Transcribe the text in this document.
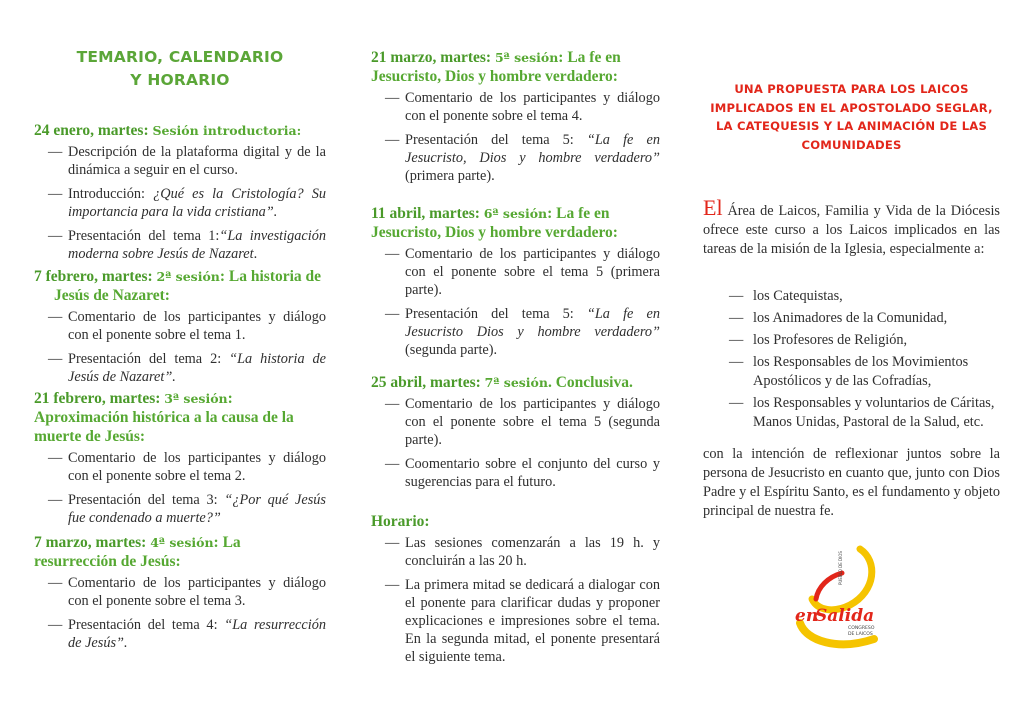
TEMARIO, CALENDARIO
Y HORARIO
24 enero, martes: Sesión introductoria:
— Descripción de la plataforma digital y de la dinámica a seguir en el curso.
— Introducción: ¿Qué es la Cristología? Su importancia para la vida cristiana”.
— Presentación del tema 1:“La investigación moderna sobre Jesús de Nazaret.
7 febrero, martes: 2ª sesión: La historia de Jesús de Nazaret:
— Comentario de los participantes y diálogo con el ponente sobre el tema 1.
— Presentación del tema 2: “La historia de Jesús de Nazaret”.
21 febrero, martes: 3ª sesión: Aproximación histórica a la causa de la muerte de Jesús:
— Comentario de los participantes y diálogo con el ponente sobre el tema 2.
— Presentación del tema 3: “¿Por qué Jesús fue condenado a muerte?”
7 marzo, martes: 4ª sesión: La resurrección de Jesús:
— Comentario de los participantes y diálogo con el ponente sobre el tema 3.
— Presentación del tema 4: “La resurrección de Jesús”.
21 marzo, martes: 5ª sesión: La fe en Jesucristo, Dios y hombre verdadero:
— Comentario de los participantes y diálogo con el ponente sobre el tema 4.
— Presentación del tema 5: “La fe en Jesucristo, Dios y hombre verdadero” (primera parte).
11 abril, martes: 6ª sesión: La fe en Jesucristo, Dios y hombre verdadero:
— Comentario de los participantes y diálogo con el ponente sobre el tema 5 (primera parte).
— Presentación del tema 5: “La fe en Jesucristo Dios y hombre verdadero” (segunda parte).
25 abril, martes: 7ª sesión. Conclusiva.
— Comentario de los participantes y diálogo con el ponente sobre el tema 5 (segunda parte).
— Coomentario sobre el conjunto del curso y sugerencias para el futuro.
Horario:
— Las sesiones comenzarán a las 19 h. y concluirán a las 20 h.
— La primera mitad se dedicará a dialogar con el ponente para clarificar dudas y proponer explicaciones e impresiones sobre el tema. En la segunda mitad, el ponente presentará el siguiente tema.
UNA PROPUESTA PARA LOS LAICOS IMPLICADOS EN EL APOSTOLADO SEGLAR, LA CATEQUESIS Y LA ANIMACIÓN DE LAS COMUNIDADES
El Área de Laicos, Familia y Vida de la Diócesis ofrece este curso a los Laicos implicados en las tareas de la misión de la Iglesia, especialmente a:
— los Catequistas,
— los Animadores de la Comunidad,
— los Profesores de Religión,
— los Responsables de los Movimientos Apostólicos y de las Cofradías,
— los Responsables y voluntarios de Cáritas, Manos Unidas, Pastoral de la Salud, etc.
con la intención de reflexionar juntos sobre la persona de Jesucristo en cuanto que, junto con Dios Padre y el Espíritu Santo, es el fundamento y objeto principal de nuestra fe.
PUEBLO DE DIOS
en
Salida
CONGRESO
DE LAICOS
